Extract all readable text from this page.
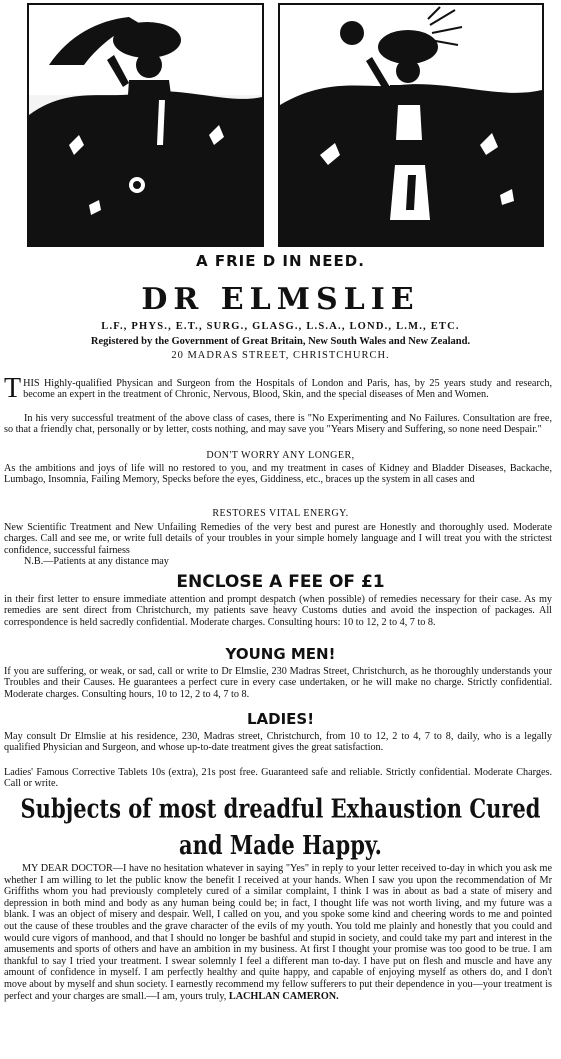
A FRIE D IN NEED.
DR ELMSLIE
L.F., PHYS., E.T., SURG., GLASG., L.S.A., LOND., L.M., ETC.
Registered by the Government of Great Britain, New South Wales and New Zealand.
20 MADRAS STREET, CHRISTCHURCH.
THIS Highly-qualified Physican and Surgeon from the Hospitals of London and Paris, has, by 25 years study and research, become an expert in the treatment of Chronic, Nervous, Blood, Skin, and the special diseases of Men and Women.
In his very successful treatment of the above class of cases, there is "No Experimenting and No Failures. Consultation are free, so that a friendly chat, personally or by letter, costs nothing, and may save you "Years Misery and Suffering, so none need Despair."
DON'T WORRY ANY LONGER,
As the ambitions and joys of life will no restored to you, and my treatment in cases of Kidney and Bladder Diseases, Backache, Lumbago, Insomnia, Failing Memory, Specks before the eyes, Giddiness, etc., braces up the system in all cases and
RESTORES VITAL ENERGY.
New Scientific Treatment and New Unfailing Remedies of the very best and purest are Honestly and thoroughly used. Moderate charges. Call and see me, or write full details of your troubles in your simple homely language and I will treat you with the strictest confidence, successful fairness
N.B.—Patients at any distance may
ENCLOSE A FEE OF £1
in their first letter to ensure immediate attention and prompt despatch (when possible) of remedies necessary for their case. As my remedies are sent direct from Christchurch, my patients save heavy Customs duties and avoid the inspection of packages. All correspondence is held sacredly confidential. Moderate charges. Consulting hours: 10 to 12, 2 to 4, 7 to 8.
YOUNG MEN!
If you are suffering, or weak, or sad, call or write to Dr Elmslie, 230 Madras Street, Christchurch, as he thoroughly understands your Troubles and their Causes. He guarantees a perfect cure in every case undertaken, or he will make no charge. Strictly confidential. Moderate charges. Consulting hours, 10 to 12, 2 to 4, 7 to 8.
LADIES!
May consult Dr Elmslie at his residence, 230, Madras street, Christchurch, from 10 to 12, 2 to 4, 7 to 8, daily, who is a legally qualified Physician and Surgeon, and whose up-to-date treatment gives the great satisfaction.
Ladies' Famous Corrective Tablets 10s (extra), 21s post free. Guaranteed safe and reliable. Strictly confidential. Moderate Charges. Call or write.
Subjects of most dreadful Exhaustion Cured and Made Happy.
MY DEAR DOCTOR—I have no hesitation whatever in saying "Yes" in reply to your letter received to-day in which you ask me whether I am willing to let the public know the benefit I received at your hands. When I saw you upon the recommendation of Mr Griffiths whom you had previously completely cured of a similar complaint, I think I was in about as bad a state of misery and depression in both mind and body as any human being could be; in fact, I thought life was not worth living, and my future was a blank. I was an object of misery and despair. Well, I called on you, and you spoke some kind and cheering words to me and pointed out the cause of these troubles and the grave character of the evils of my youth. You told me plainly and honestly that you could and would cure vigors of manhood, and that I should no longer be bashful and stupid in society, and could take my part and interest in the amusements and sports of others and have an ambition in my business. At first I thought your promise was too good to be true. I am thankful to say I tried your treatment. I swear solemnly I feel a different man to-day. I have put on flesh and muscle and have any amount of confidence in myself. I am perfectly healthy and quite happy, and capable of enjoying myself as others do, and I don't move about by myself and shun society. I earnestly recommend my fellow sufferers to put their dependence in you—your treatment is perfect and your charges are small.—I am, yours truly, LACHLAN CAMERON.
